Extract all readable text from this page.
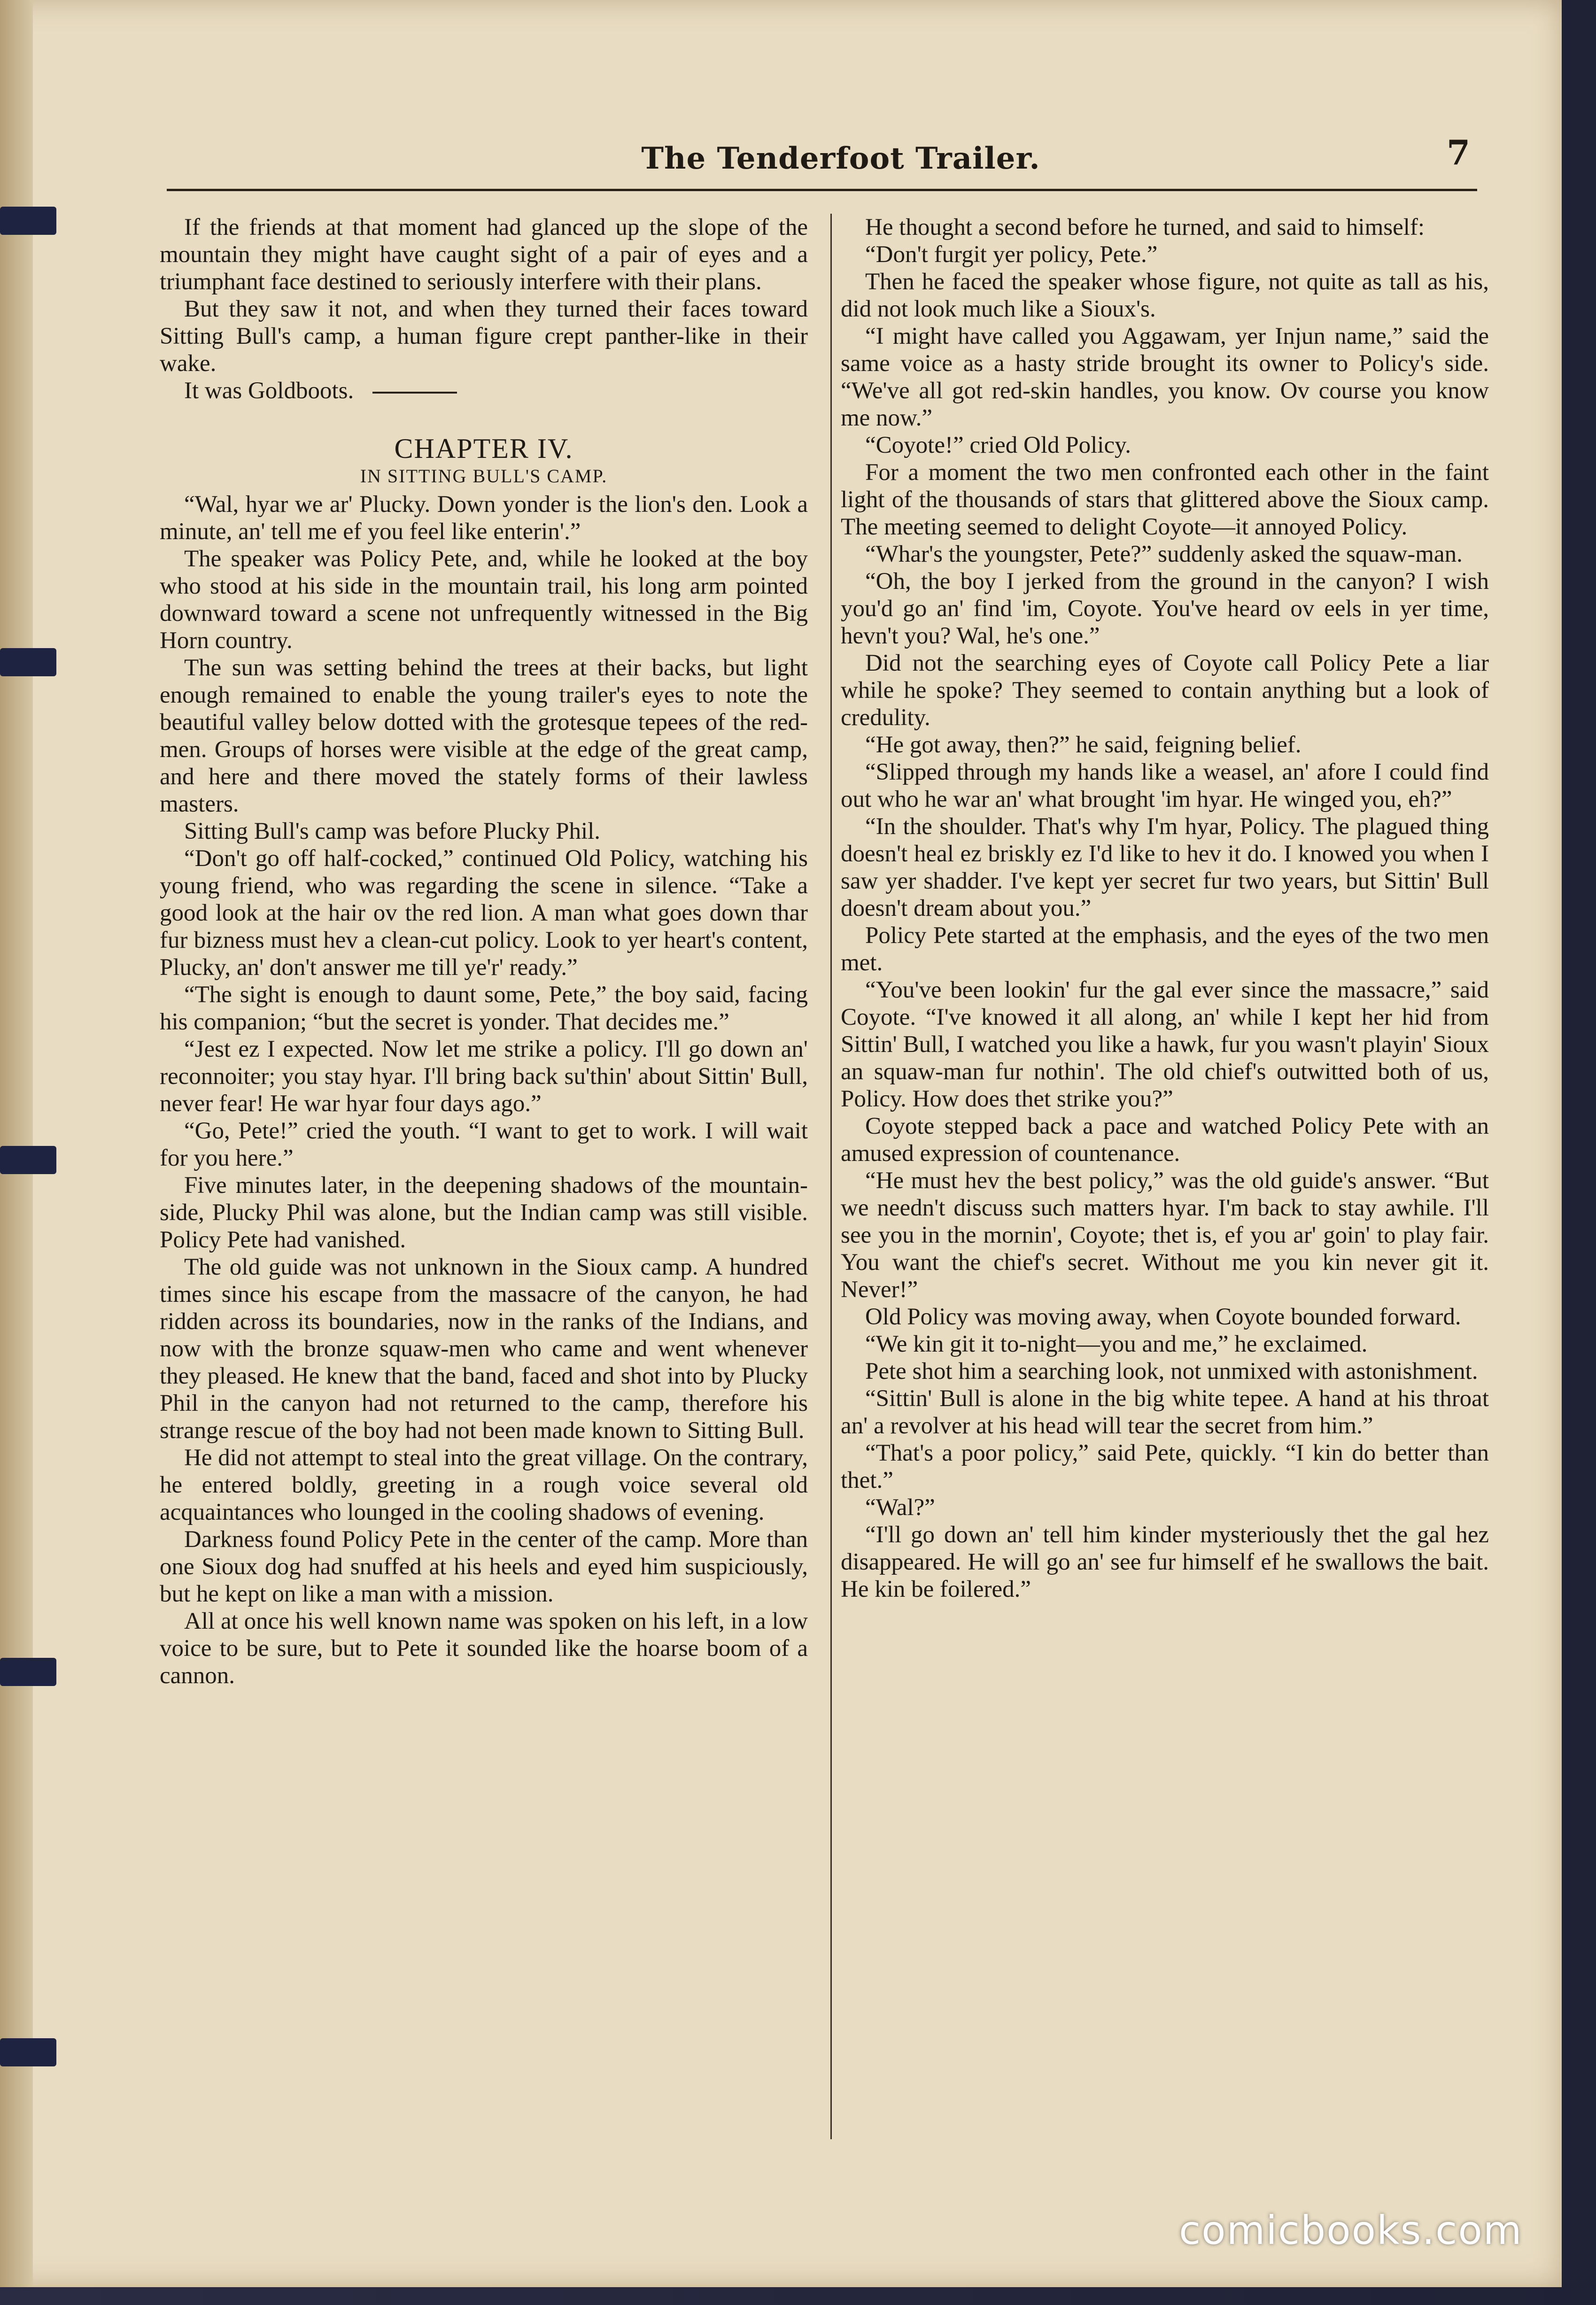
The Tenderfoot Trailer.	7

If the friends at that moment had glanced up the slope of the mountain they might have caught sight of a pair of eyes and a triumphant face destined to seriously interfere with their plans.

But they saw it not, and when they turned their faces toward Sitting Bull's camp, a human figure crept panther-like in their wake.

It was Goldboots.

CHAPTER IV.
IN SITTING BULL'S CAMP.

“Wal, hyar we ar' Plucky. Down yonder is the lion's den. Look a minute, an' tell me ef you feel like enterin'.”

The speaker was Policy Pete, and, while he looked at the boy who stood at his side in the mountain trail, his long arm pointed downward toward a scene not unfrequently witnessed in the Big Horn country.

The sun was setting behind the trees at their backs, but light enough remained to enable the young trailer's eyes to note the beautiful valley below dotted with the grotesque tepees of the red-men. Groups of horses were visible at the edge of the great camp, and here and there moved the stately forms of their lawless masters.

Sitting Bull's camp was before Plucky Phil.

“Don't go off half-cocked,” continued Old Policy, watching his young friend, who was regarding the scene in silence. “Take a good look at the hair ov the red lion. A man what goes down thar fur bizness must hev a clean-cut policy. Look to yer heart's content, Plucky, an' don't answer me till ye'r' ready.”

“The sight is enough to daunt some, Pete,” the boy said, facing his companion; “but the secret is yonder. That decides me.”

“Jest ez I expected. Now let me strike a policy. I'll go down an' reconnoiter; you stay hyar. I'll bring back su'thin' about Sittin' Bull, never fear! He war hyar four days ago.”

“Go, Pete!” cried the youth. “I want to get to work. I will wait for you here.”

Five minutes later, in the deepening shadows of the mountain-side, Plucky Phil was alone, but the Indian camp was still visible. Policy Pete had vanished.

The old guide was not unknown in the Sioux camp. A hundred times since his escape from the massacre of the canyon, he had ridden across its boundaries, now in the ranks of the Indians, and now with the bronze squaw-men who came and went whenever they pleased. He knew that the band, faced and shot into by Plucky Phil in the canyon had not returned to the camp, therefore his strange rescue of the boy had not been made known to Sitting Bull.

He did not attempt to steal into the great village. On the contrary, he entered boldly, greeting in a rough voice several old acquaintances who lounged in the cooling shadows of evening.

Darkness found Policy Pete in the center of the camp. More than one Sioux dog had snuffed at his heels and eyed him suspiciously, but he kept on like a man with a mission.

All at once his well known name was spoken on his left, in a low voice to be sure, but to Pete it sounded like the hoarse boom of a cannon.

He thought a second before he turned, and said to himself:

“Don't furgit yer policy, Pete.”

Then he faced the speaker whose figure, not quite as tall as his, did not look much like a Sioux's.

“I might have called you Aggawam, yer Injun name,” said the same voice as a hasty stride brought its owner to Policy's side. “We've all got red-skin handles, you know. Ov course you know me now.”

“Coyote!” cried Old Policy.

For a moment the two men confronted each other in the faint light of the thousands of stars that glittered above the Sioux camp. The meeting seemed to delight Coyote—it annoyed Policy.

“Whar's the youngster, Pete?” suddenly asked the squaw-man.

“Oh, the boy I jerked from the ground in the canyon? I wish you'd go an' find 'im, Coyote. You've heard ov eels in yer time, hevn't you? Wal, he's one.”

Did not the searching eyes of Coyote call Policy Pete a liar while he spoke? They seemed to contain anything but a look of credulity.

“He got away, then?” he said, feigning belief.

“Slipped through my hands like a weasel, an' afore I could find out who he war an' what brought 'im hyar. He winged you, eh?”

“In the shoulder. That's why I'm hyar, Policy. The plagued thing doesn't heal ez briskly ez I'd like to hev it do. I knowed you when I saw yer shadder. I've kept yer secret fur two years, but Sittin' Bull doesn't dream about you.”

Policy Pete started at the emphasis, and the eyes of the two men met.

“You've been lookin' fur the gal ever since the massacre,” said Coyote. “I've knowed it all along, an' while I kept her hid from Sittin' Bull, I watched you like a hawk, fur you wasn't playin' Sioux an squaw-man fur nothin'. The old chief's outwitted both of us, Policy. How does thet strike you?”

Coyote stepped back a pace and watched Policy Pete with an amused expression of countenance.

“He must hev the best policy,” was the old guide's answer. “But we needn't discuss such matters hyar. I'm back to stay awhile. I'll see you in the mornin', Coyote; thet is, ef you ar' goin' to play fair. You want the chief's secret. Without me you kin never git it. Never!”

Old Policy was moving away, when Coyote bounded forward.

“We kin git it to-night—you and me,” he exclaimed.

Pete shot him a searching look, not unmixed with astonishment.

“Sittin' Bull is alone in the big white tepee. A hand at his throat an' a revolver at his head will tear the secret from him.”

“That's a poor policy,” said Pete, quickly. “I kin do better than thet.”

“Wal?”

“I'll go down an' tell him kinder mysteriously thet the gal hez disappeared. He will go an' see fur himself ef he swallows the bait. He kin be foilered.”

comicbooks.com
